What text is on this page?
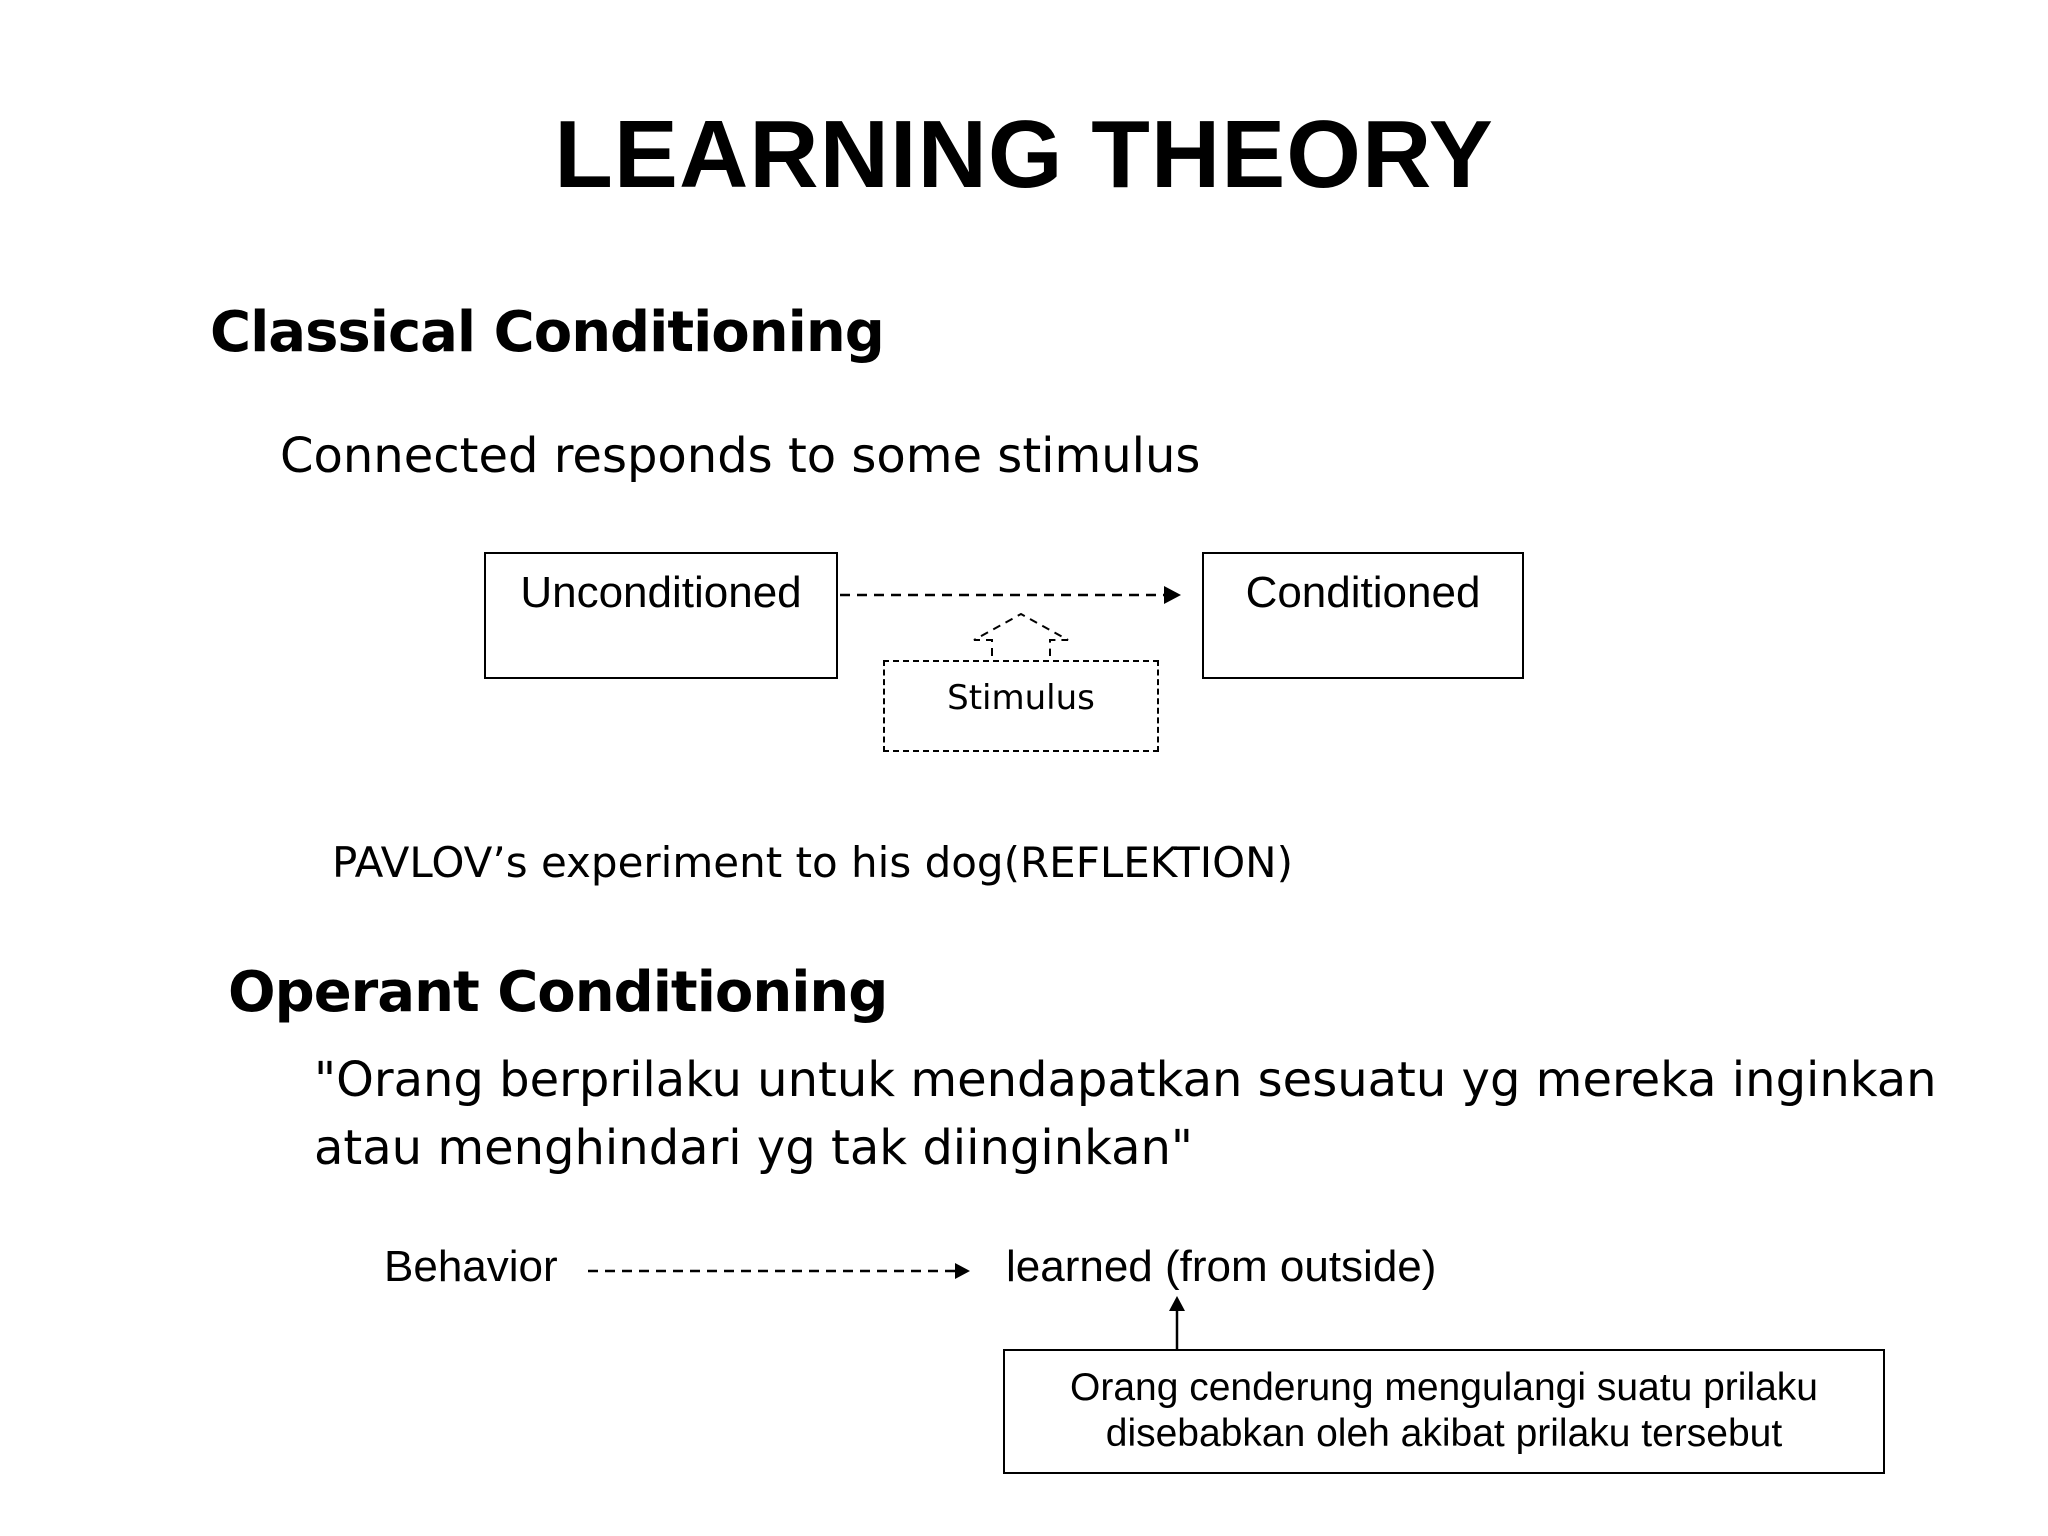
LEARNING THEORY
Classical Conditioning
Connected responds to some stimulus
Unconditioned	Conditioned
Stimulus
PAVLOV’s experiment to his dog(REFLEKTION)
Operant Conditioning
"Orang berprilaku untuk mendapatkan sesuatu yg mereka inginkan
atau menghindari yg tak diinginkan"
Behavior	learned (from outside)
Orang cenderung mengulangi suatu prilaku
disebabkan oleh akibat prilaku tersebut
